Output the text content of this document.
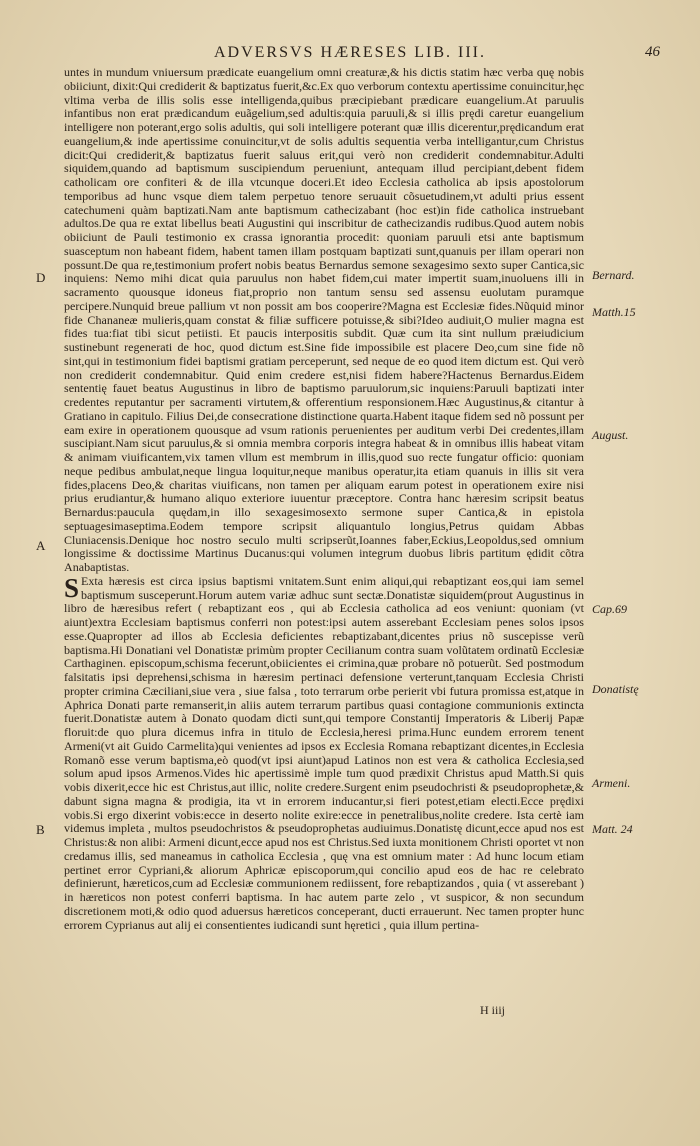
ADVERSVS HÆRESES LIB. III.	46

untes in mundum vniuersum prædicate euangelium omni creaturæ,& his dictis statim hæc verba quę nobis obiiciunt, dixit:Qui crediderit & baptizatus fuerit,&c.Ex quo verborum contextu apertissime conuincitur,hęc vltima verba de illis solis esse intelligenda,quibus præcipiebant prædicare euangelium.At paruulis infantibus non erat prædicandum euãgelium,sed adultis:quia paruuli,& si illis prędi caretur euangelium intelligere non poterant,ergo solis adultis, qui soli intelligere poterant quæ illis dicerentur,prędicandum erat euangelium,& inde apertissime conuincitur,vt de solis adultis sequentia verba intelligantur,cum Christus dicit:Qui crediderit,& baptizatus fuerit saluus erit,qui verò non crediderit condemnabitur.Adulti siquidem,quando ad baptismum suscipiendum perueniunt, antequam illud percipiant,debent fidem catholicam ore confiteri & de illa vtcunque doceri.Et ideo Ecclesia catholica ab ipsis apostolorum temporibus ad hunc vsque diem talem perpetuo tenore seruauit cõsuetudinem,vt adulti prius essent catechumeni quàm baptizati.Nam ante baptismum cathecizabant (hoc est)in fide catholica instruebant adultos.De qua re extat libellus beati Augustini qui inscribitur de cathecizandis rudibus.Quod autem nobis obiiciunt de Pauli testimonio ex crassa ignorantia procedit: quoniam paruuli etsi ante baptismum suasceptum non habeant fidem, habent tamen illam postquam baptizati sunt,quanuis per illam operari non possunt.De qua re,testimonium profert nobis beatus Bernardus semone sexagesimo sexto super Cantica,sic inquiens: Nemo mihi dicat quia paruulus non habet fidem,cui mater impertit suam,inuoluens illi in sacramento quousque idoneus fiat,proprio non tantum sensu sed assensu euolutam puramque percipere.Nunquid breue pallium vt non possit am bos cooperire?Magna est Ecclesiæ fides.Nũquid minor fide Chananeæ mulieris,quam constat & filiæ sufficere potuisse,& sibi?Ideo audiuit,O mulier magna est fides tua:fiat tibi sicut petiisti. Et paucis interpositis subdit. Quæ cum ita sint nullum præiudicium sustinebunt regenerati de hoc, quod dictum est.Sine fide impossibile est placere Deo,cum sine fide nõ sint,qui in testimonium fidei baptismi gratiam perceperunt, sed neque de eo quod item dictum est. Qui verò non crediderit condemnabitur. Quid enim credere est,nisi fidem habere?Hactenus Bernardus.Eidem sententię fauet beatus Augustinus in libro de baptismo paruulorum,sic inquiens:Paruuli baptizati inter credentes reputantur per sacramenti virtutem,& offerentium responsionem.Hæc Augustinus,& citantur à Gratiano in capitulo. Filius Dei,de consecratione distinctione quarta.Habent itaque fidem sed nõ possunt per eam exire in operationem quousque ad vsum rationis peruenientes per auditum verbi Dei credentes,illam suscipiant.Nam sicut paruulus,& si omnia membra corporis integra habeat & in omnibus illis habeat vitam & animam viuificantem,vix tamen vllum est membrum in illis,quod suo recte fungatur officio: quoniam neque pedibus ambulat,neque lingua loquitur,neque manibus operatur,ita etiam quanuis in illis sit vera fides,placens Deo,& charitas viuificans, non tamen per aliquam earum potest in operationem exire nisi prius erudiantur,& humano aliquo exteriore iuuentur præceptore. Contra hanc hæresim scripsit beatus Bernardus:paucula quędam,in illo sexagesimosexto sermone super Cantica,& in epistola septuagesimaseptima.Eodem tempore scripsit aliquantulo longius,Petrus quidam Abbas Cluniacensis.Denique hoc nostro seculo multi scripserũt,Ioannes faber,Eckius,Leopoldus,sed omnium longissime & doctissime Martinus Ducanus:qui volumen integrum duobus libris partitum ędidit cõtra Anabaptistas.

S Exta hæresis est circa ipsius baptismi vnitatem.Sunt enim aliqui,qui rebaptizant eos,qui iam semel baptismum susceperunt.Horum autem variæ adhuc sunt sectæ.Donatistæ siquidem(prout Augustinus in libro de hæresibus refert ( rebaptizant eos , qui ab Ecclesia catholica ad eos veniunt: quoniam (vt aiunt)extra Ecclesiam baptismus conferri non potest:ipsi autem asserebant Ecclesiam penes solos ipsos esse.Quapropter ad illos ab Ecclesia deficientes rebaptizabant,dicentes prius nõ suscepisse verũ baptisma.Hi Donatiani vel Donatistæ primùm propter Cecilianum contra suam volũtatem ordinatũ Ecclesiæ Carthaginen. episcopum,schisma fecerunt,obiicientes ei crimina,quæ probare nõ potuerũt. Sed postmodum falsitatis ipsi deprehensi,schisma in hæresim pertinaci defensione verterunt,tanquam Ecclesia Christi propter crimina Cæciliani,siue vera , siue falsa , toto terrarum orbe perierit vbi futura promissa est,atque in Aphrica Donati parte remanserit,in aliis autem terrarum partibus quasi contagione communionis extincta fuerit.Donatistæ autem à Donato quodam dicti sunt,qui tempore Constantij Imperatoris & Liberij Papæ floruit:de quo plura dicemus infra in titulo de Ecclesia,heresi prima.Hunc eundem errorem tenent Armeni(vt ait Guido Carmelita)qui venientes ad ipsos ex Ecclesia Romana rebaptizant dicentes,in Ecclesia Romanõ esse verum baptisma,eò quod(vt ipsi aiunt)apud Latinos non est vera & catholica Ecclesia,sed solum apud ipsos Armenos.Vides hic apertissimè imple tum quod prædixit Christus apud Matth.Si quis vobis dixerit,ecce hic est Christus,aut illic, nolite credere.Surgent enim pseudochristi & pseudoprophetæ,& dabunt signa magna & prodigia, ita vt in errorem inducantur,si fieri potest,etiam electi.Ecce prędixi vobis.Si ergo dixerint vobis:ecce in deserto nolite exire:ecce in penetralibus,nolite credere. Ista certè iam videmus impleta , multos pseudochristos & pseudoprophetas audiuimus.Donatistę dicunt,ecce apud nos est Christus:& non alibi: Armeni dicunt,ecce apud nos est Christus.Sed iuxta monitionem Christi oportet vt non credamus illis, sed maneamus in catholica Ecclesia , quę vna est omnium mater : Ad hunc locum etiam pertinet error Cypriani,& aliorum Aphricæ episcoporum,qui concilio apud eos de hac re celebrato definierunt, hæreticos,cum ad Ecclesiæ communionem rediissent, fore rebaptizandos , quia ( vt asserebant ) in hæreticos non potest conferri baptisma. In hac autem parte zelo , vt suspicor, & non secundum discretionem moti,& odio quod aduersus hæreticos conceperant, ducti errauerunt. Nec tamen propter hunc errorem Cyprianus aut alij ei consentientes iudicandi sunt hęretici , quia illum pertina-

D	Bernard.
Matth.15
August.
A
Cap.69
Donatistę
Armeni.
B	Matt. 24
H iiij
